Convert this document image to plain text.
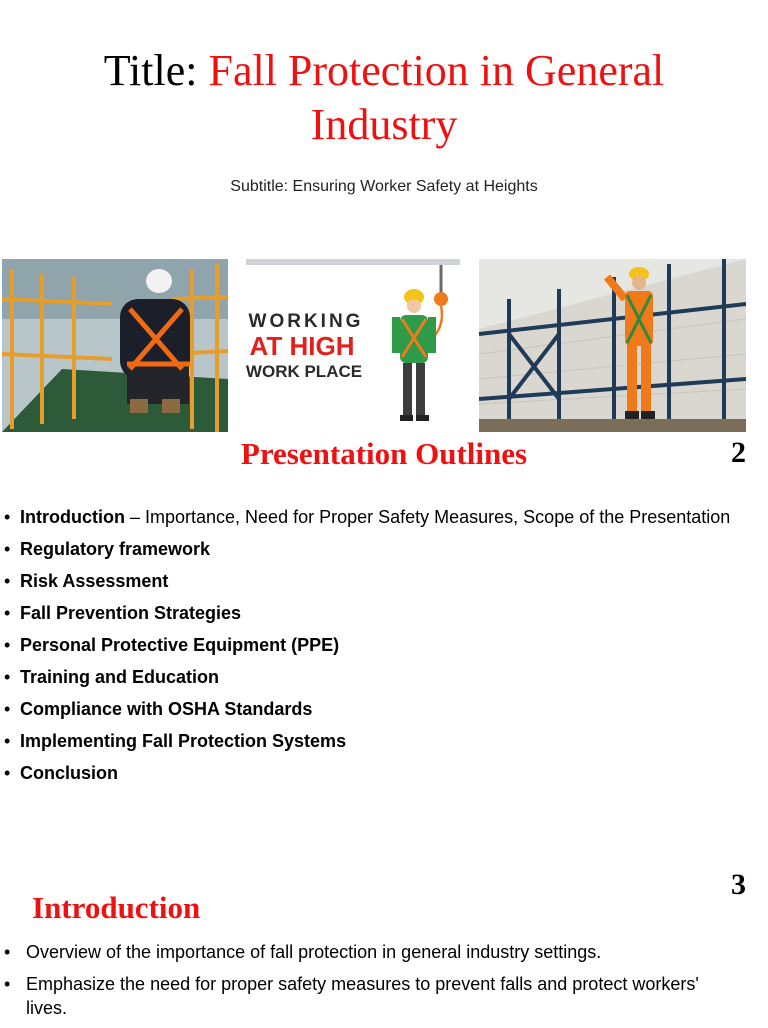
Title: Fall Protection in General Industry
Subtitle: Ensuring Worker Safety at Heights
WORKING
AT HIGH
WORK PLACE
Presentation Outlines	2
• Introduction – Importance, Need for Proper Safety Measures, Scope of the Presentation
• Regulatory framework
• Risk Assessment
• Fall Prevention Strategies
• Personal Protective Equipment (PPE)
• Training and Education
• Compliance with OSHA Standards
• Implementing Fall Protection Systems
• Conclusion
3
Introduction
• Overview of the importance of fall protection in general industry settings.
• Emphasize the need for proper safety measures to prevent falls and protect workers' lives.
